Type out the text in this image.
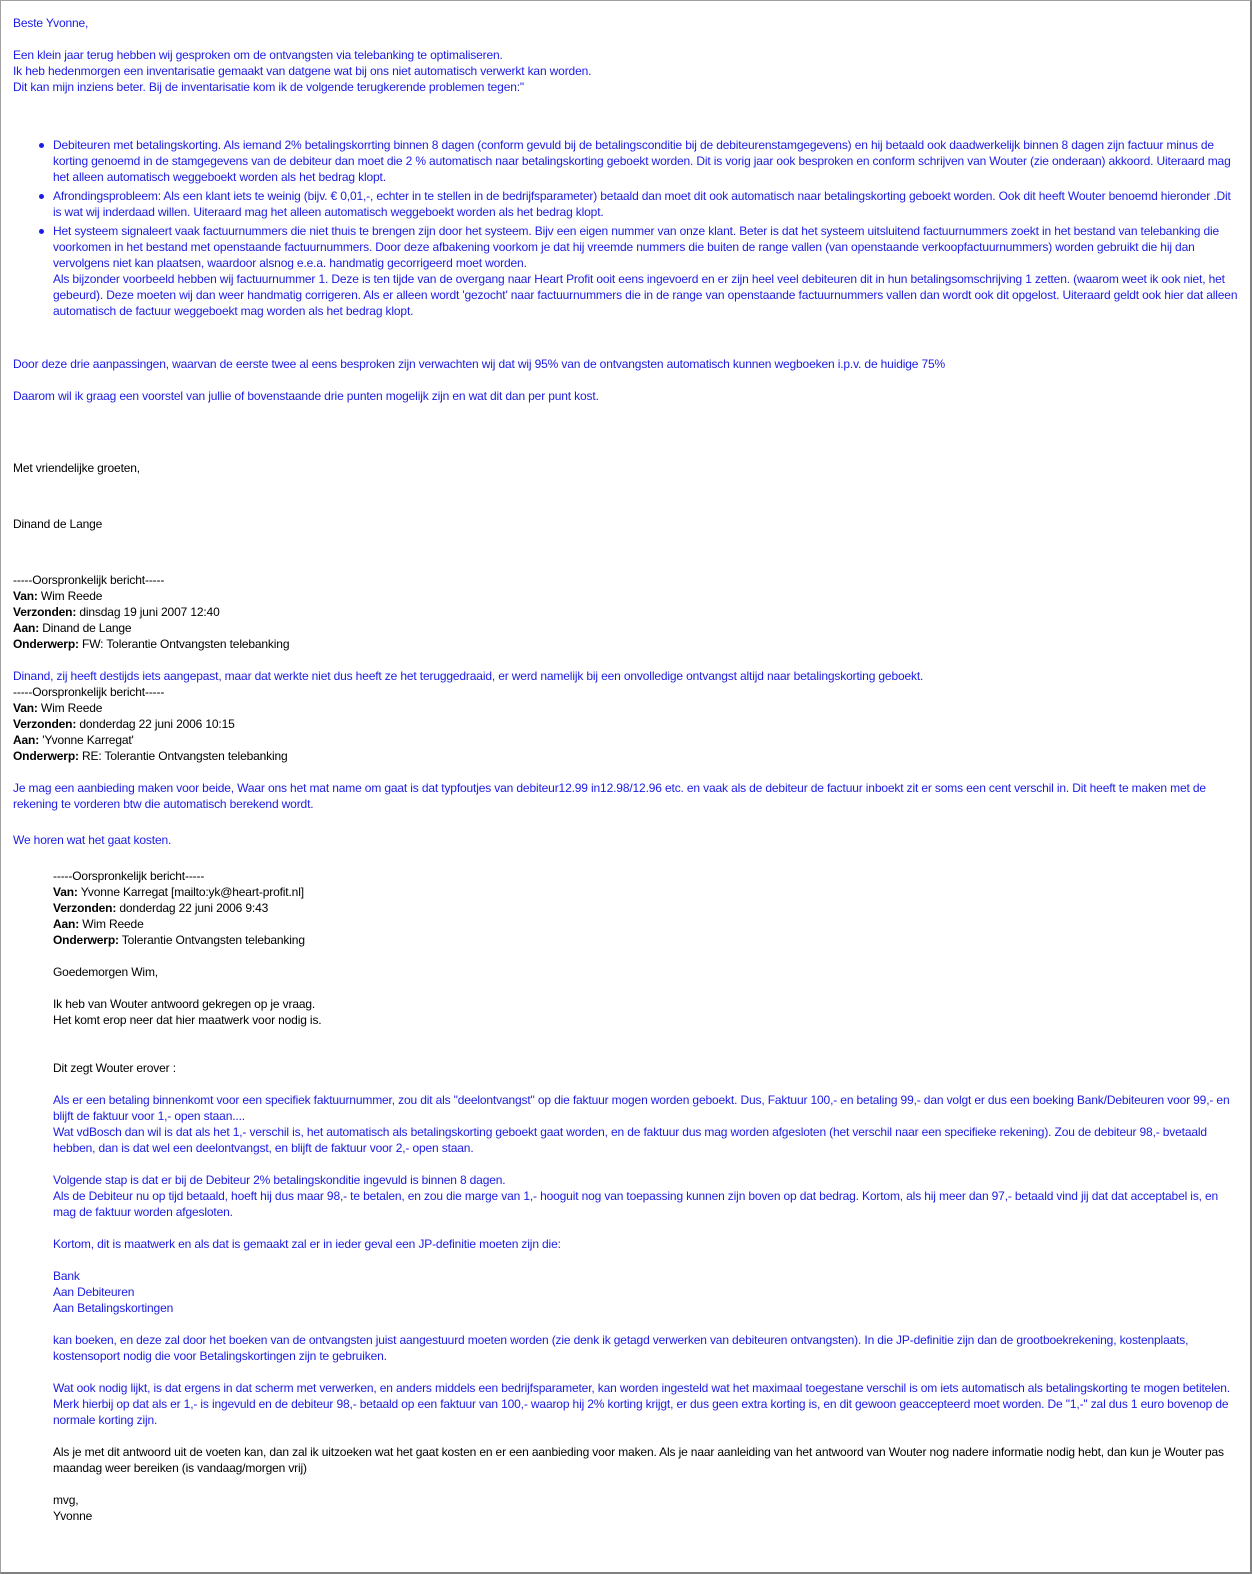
Beste Yvonne,

Een klein jaar terug hebben wij gesproken om de ontvangsten via telebanking te optimaliseren.

Ik heb hedenmorgen een inventarisatie gemaakt van datgene wat bij ons niet automatisch verwerkt kan worden.

Dit kan mijn inziens beter. Bij de inventarisatie kom ik de volgende terugkerende problemen tegen:"

Debiteuren met betalingskorting. Als iemand 2% betalingskorrting binnen 8 dagen (conform gevuld bij de betalingsconditie bij de debiteurenstamgegevens) en hij betaald ook daadwerkelijk binnen 8 dagen zijn factuur minus de korting genoemd in de stamgegevens van de debiteur dan moet die 2 % automatisch naar betalingskorting geboekt worden. Dit is vorig jaar ook besproken en conform schrijven van Wouter (zie onderaan) akkoord. Uiteraard mag het alleen automatisch weggeboekt worden als het bedrag klopt.
Afrondingsprobleem: Als een klant iets te weinig (bijv. € 0,01,-, echter in te stellen in de bedrijfsparameter) betaald dan moet dit ook automatisch naar betalingskorting geboekt worden. Ook dit heeft Wouter benoemd hieronder .Dit is wat wij inderdaad willen. Uiteraard mag het alleen automatisch weggeboekt worden als het bedrag klopt.
Het systeem signaleert vaak factuurnummers die niet thuis te brengen zijn door het systeem. Bijv een eigen nummer van onze klant. Beter is dat het systeem uitsluitend factuurnummers zoekt in het bestand van telebanking die voorkomen in het bestand met openstaande factuurnummers. Door deze afbakening voorkom je dat hij vreemde nummers die buiten de range vallen (van openstaande verkoopfactuurnummers) worden gebruikt die hij dan vervolgens niet kan plaatsen, waardoor alsnog e.e.a. handmatig gecorrigeerd moet worden.
Als bijzonder voorbeeld hebben wij factuurnummer 1. Deze is ten tijde van de overgang naar Heart Profit ooit eens ingevoerd en er zijn heel veel debiteuren dit in hun betalingsomschrijving 1 zetten. (waarom weet ik ook niet, het gebeurd). Deze moeten wij dan weer handmatig corrigeren. Als er alleen wordt 'gezocht' naar factuurnummers die in de range van openstaande factuurnummers vallen dan wordt ook dit opgelost. Uiteraard geldt ook hier dat alleen automatisch de factuur weggeboekt mag worden als het bedrag klopt.

Door deze drie aanpassingen, waarvan de eerste twee al eens besproken zijn verwachten wij dat wij 95% van de ontvangsten automatisch kunnen wegboeken i.p.v. de huidige 75%

Daarom wil ik graag een voorstel van jullie of bovenstaande drie punten mogelijk zijn en wat dit dan per punt kost.

Met vriendelijke groeten,

Dinand de Lange

-----Oorspronkelijk bericht-----

Van: Wim Reede

Verzonden: dinsdag 19 juni 2007 12:40

Aan: Dinand de Lange

Onderwerp: FW: Tolerantie Ontvangsten telebanking

Dinand, zij heeft destijds iets aangepast, maar dat werkte niet dus heeft ze het teruggedraaid, er werd namelijk bij een onvolledige ontvangst altijd naar betalingskorting geboekt.

-----Oorspronkelijk bericht-----

Van: Wim Reede

Verzonden: donderdag 22 juni 2006 10:15

Aan: 'Yvonne Karregat'

Onderwerp: RE: Tolerantie Ontvangsten telebanking

Je mag een aanbieding maken voor beide, Waar ons het mat name om gaat is dat typfoutjes van debiteur12.99 in12.98/12.96 etc. en vaak als de debiteur de factuur inboekt zit er soms een cent verschil in. Dit heeft te maken met de rekening te vorderen btw die automatisch berekend wordt.

We horen wat het gaat kosten.

-----Oorspronkelijk bericht-----

Van: Yvonne Karregat [mailto:yk@heart-profit.nl]

Verzonden: donderdag 22 juni 2006 9:43

Aan: Wim Reede

Onderwerp: Tolerantie Ontvangsten telebanking

Goedemorgen Wim,

Ik heb van Wouter antwoord gekregen op je vraag.

Het komt erop neer dat hier maatwerk voor nodig is.

Dit zegt Wouter erover :

Als er een betaling binnenkomt voor een specifiek faktuurnummer, zou dit als "deelontvangst" op die faktuur mogen worden geboekt. Dus, Faktuur 100,- en betaling 99,- dan volgt er dus een boeking Bank/Debiteuren voor 99,- en blijft de faktuur voor 1,- open staan....

Wat vdBosch dan wil is dat als het 1,- verschil is, het automatisch als betalingskorting geboekt gaat worden, en de faktuur dus mag worden afgesloten (het verschil naar een specifieke rekening). Zou de debiteur 98,- bvetaald hebben, dan is dat wel een deelontvangst, en blijft de faktuur voor 2,- open staan.

Volgende stap is dat er bij de Debiteur 2% betalingskonditie ingevuld is binnen 8 dagen.

Als de Debiteur nu op tijd betaald, hoeft hij dus maar 98,- te betalen, en zou die marge van 1,- hooguit nog van toepassing kunnen zijn boven op dat bedrag. Kortom, als hij meer dan 97,- betaald vind jij dat dat acceptabel is, en mag de faktuur worden afgesloten.

Kortom, dit is maatwerk en als dat is gemaakt zal er in ieder geval een JP-definitie moeten zijn die:

Bank

Aan Debiteuren

Aan Betalingskortingen

kan boeken, en deze zal door het boeken van de ontvangsten juist aangestuurd moeten worden (zie denk ik getagd verwerken van debiteuren ontvangsten). In die JP-definitie zijn dan de grootboekrekening, kostenplaats, kostensoport nodig die voor Betalingskortingen zijn te gebruiken.

Wat ook nodig lijkt, is dat ergens in dat scherm met verwerken, en anders middels een bedrijfsparameter, kan worden ingesteld wat het maximaal toegestane verschil is om iets automatisch als betalingskorting te mogen betitelen. Merk hierbij op dat als er 1,- is ingevuld en de debiteur 98,- betaald op een faktuur van 100,- waarop hij 2% korting krijgt, er dus geen extra korting is, en dit gewoon geaccepteerd moet worden. De "1,-" zal dus 1 euro bovenop de normale korting zijn.

Als je met dit antwoord uit de voeten kan, dan zal ik uitzoeken wat het gaat kosten en er een aanbieding voor maken. Als je naar aanleiding van het antwoord van Wouter nog nadere informatie nodig hebt, dan kun je Wouter pas maandag weer bereiken (is vandaag/morgen vrij)

mvg,

Yvonne
